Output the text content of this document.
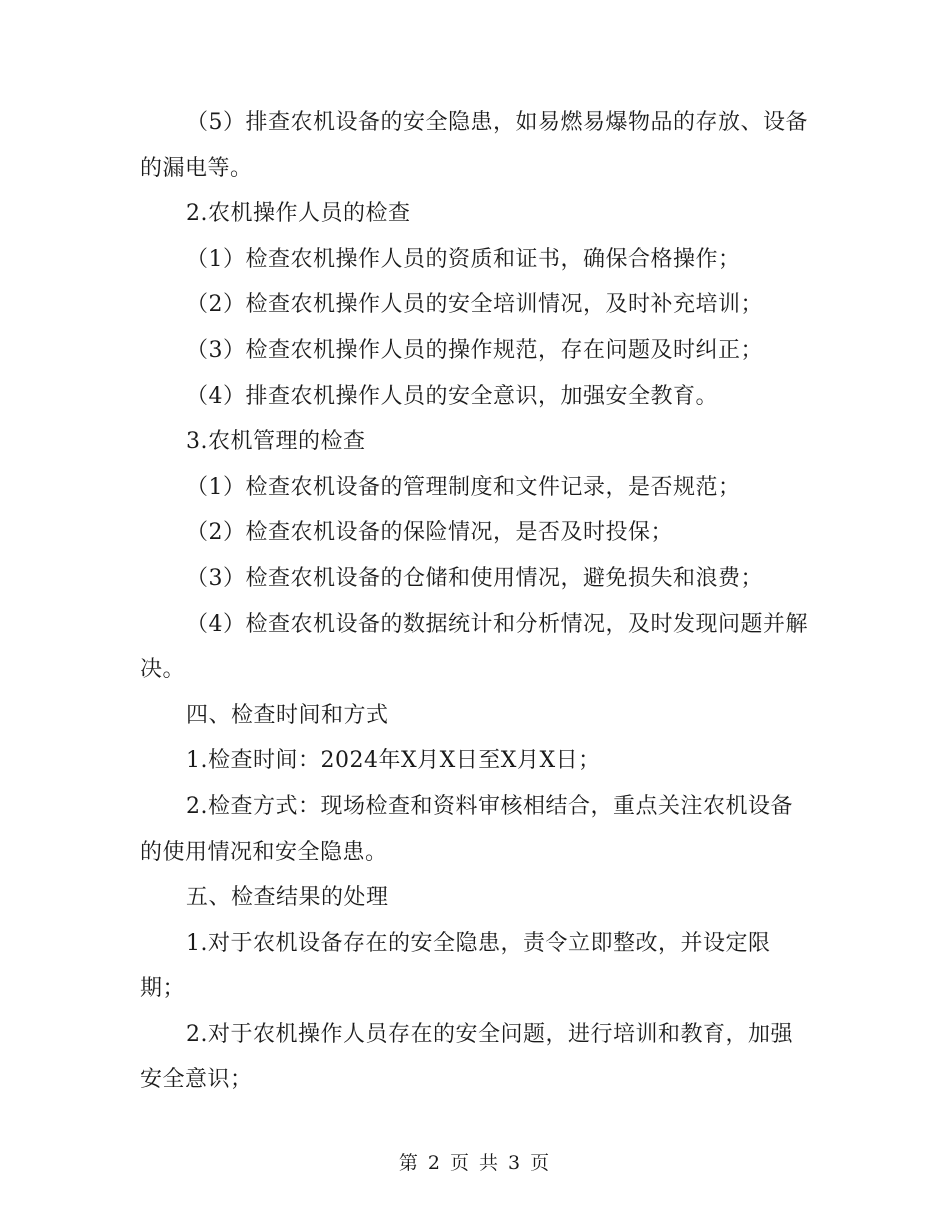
（5）排查农机设备的安全隐患，如易燃易爆物品的存放、设备的漏电等。

2.农机操作人员的检查

（1）检查农机操作人员的资质和证书，确保合格操作；

（2）检查农机操作人员的安全培训情况，及时补充培训；

（3）检查农机操作人员的操作规范，存在问题及时纠正；

（4）排查农机操作人员的安全意识，加强安全教育。

3.农机管理的检查

（1）检查农机设备的管理制度和文件记录，是否规范；

（2）检查农机设备的保险情况，是否及时投保；

（3）检查农机设备的仓储和使用情况，避免损失和浪费；

（4）检查农机设备的数据统计和分析情况，及时发现问题并解决。

四、检查时间和方式

1.检查时间：2024年X月X日至X月X日；

2.检查方式：现场检查和资料审核相结合，重点关注农机设备的使用情况和安全隐患。

五、检查结果的处理

1.对于农机设备存在的安全隐患，责令立即整改，并设定限期；

2.对于农机操作人员存在的安全问题，进行培训和教育，加强安全意识；

第 2 页 共 3 页
